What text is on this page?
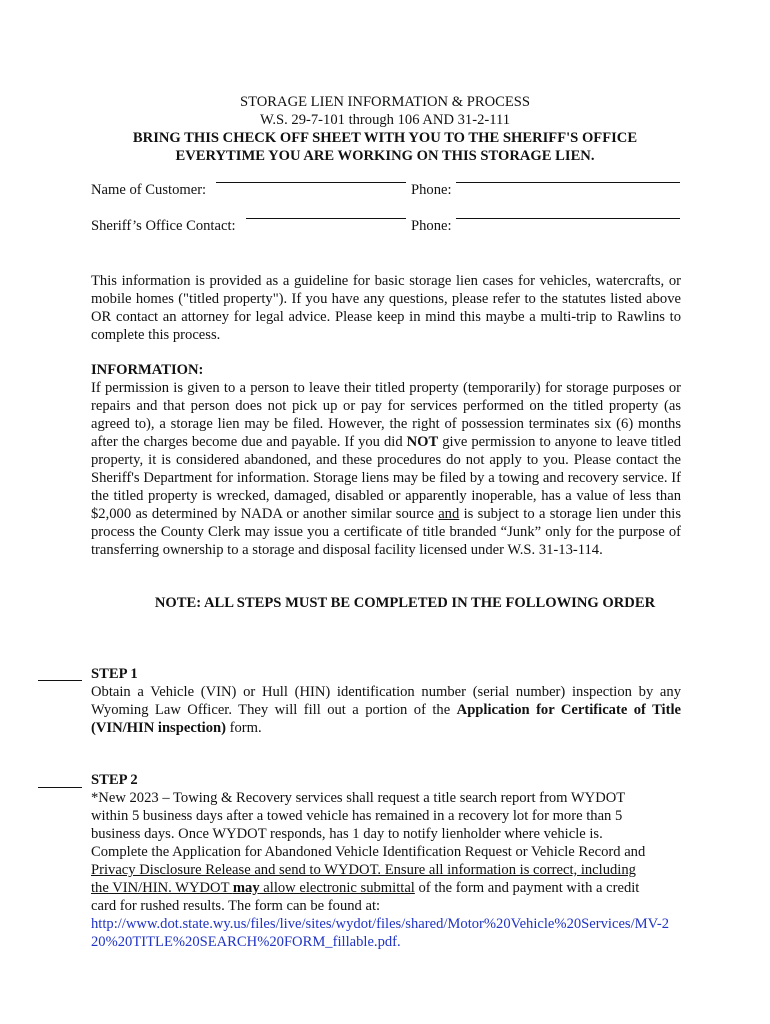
STORAGE LIEN INFORMATION & PROCESS
W.S. 29-7-101 through 106 AND 31-2-111
BRING THIS CHECK OFF SHEET WITH YOU TO THE SHERIFF'S OFFICE
EVERYTIME YOU ARE WORKING ON THIS STORAGE LIEN.
Name of Customer:	Phone:
Sheriff’s Office Contact:	Phone:

This information is provided as a guideline for basic storage lien cases for vehicles, watercrafts, or mobile homes ("titled property"). If you have any questions, please refer to the statutes listed above OR contact an attorney for legal advice. Please keep in mind this maybe a multi-trip to Rawlins to complete this process.

INFORMATION:

If permission is given to a person to leave their titled property (temporarily) for storage purposes or repairs and that person does not pick up or pay for services performed on the titled property (as agreed to), a storage lien may be filed. However, the right of possession terminates six (6) months after the charges become due and payable. If you did NOT give permission to anyone to leave titled property, it is considered abandoned, and these procedures do not apply to you. Please contact the Sheriff's Department for information. Storage liens may be filed by a towing and recovery service. If the titled property is wrecked, damaged, disabled or apparently inoperable, has a value of less than $2,000 as determined by NADA or another similar source and is subject to a storage lien under this process the County Clerk may issue you a certificate of title branded “Junk” only for the purpose of transferring ownership to a storage and disposal facility licensed under W.S. 31-13-114.

NOTE: ALL STEPS MUST BE COMPLETED IN THE FOLLOWING ORDER

STEP 1

Obtain a Vehicle (VIN) or Hull (HIN) identification number (serial number) inspection by any Wyoming Law Officer. They will fill out a portion of the Application for Certificate of Title (VIN/HIN inspection) form.

STEP 2

*New 2023 – Towing & Recovery services shall request a title search report from WYDOT

within 5 business days after a towed vehicle has remained in a recovery lot for more than 5

business days. Once WYDOT responds, has 1 day to notify lienholder where vehicle is.

Complete the Application for Abandoned Vehicle Identification Request or Vehicle Record and

Privacy Disclosure Release and send to WYDOT. Ensure all information is correct, including

the VIN/HIN. WYDOT may allow electronic submittal of the form and payment with a credit

card for rushed results. The form can be found at:

http://www.dot.state.wy.us/files/live/sites/wydot/files/shared/Motor%20Vehicle%20Services/MV-220%20TITLE%20SEARCH%20FORM_fillable.pdf.
